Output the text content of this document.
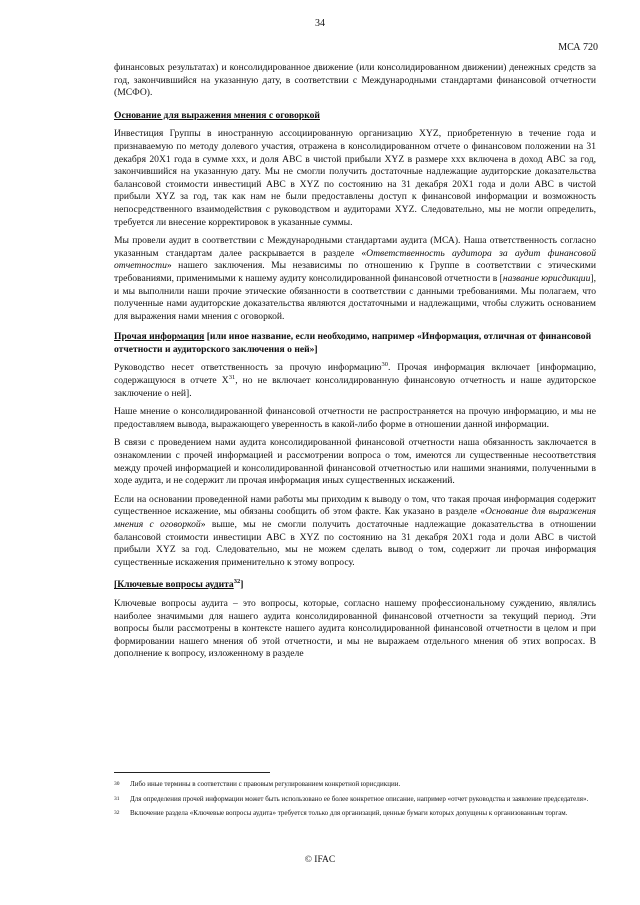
34
МСА 720

финансовых результатах) и консолидированное движение (или консолидированном движении) денежных средств за год, закончившийся на указанную дату, в соответствии с Международными стандартами финансовой отчетности (МСФО).

Основание для выражения мнения с оговоркой

Инвестиция Группы в иностранную ассоциированную организацию XYZ, приобретенную в течение года и признаваемую по методу долевого участия, отражена в консолидированном отчете о финансовом положении на 31 декабря 20X1 года в сумме ххх, и доля ABC в чистой прибыли XYZ в размере ххх включена в доход ABC за год, закончившийся на указанную дату. Мы не смогли получить достаточные надлежащие аудиторские доказательства балансовой стоимости инвестиций ABC в XYZ по состоянию на 31 декабря 20X1 года и доли ABC в чистой прибыли XYZ за год, так как нам не были предоставлены доступ к финансовой информации и возможность непосредственного взаимодействия с руководством и аудиторами XYZ. Следовательно, мы не могли определить, требуется ли внесение корректировок в указанные суммы.

Мы провели аудит в соответствии с Международными стандартами аудита (МСА). Наша ответственность согласно указанным стандартам далее раскрывается в разделе «Ответственность аудитора за аудит финансовой отчетности» нашего заключения. Мы независимы по отношению к Группе в соответствии с этическими требованиями, применимыми к нашему аудиту консолидированной финансовой отчетности в [название юрисдикции], и мы выполнили наши прочие этические обязанности в соответствии с данными требованиями. Мы полагаем, что полученные нами аудиторские доказательства являются достаточными и надлежащими, чтобы служить основанием для выражения нами мнения с оговоркой.

Прочая информация [или иное название, если необходимо, например «Информация, отличная от финансовой отчетности и аудиторского заключения о ней»]

Руководство несет ответственность за прочую информацию$^{30}$. Прочая информация включает [информацию, содержащуюся в отчете $X^{31}$, но не включает консолидированную финансовую отчетность и наше аудиторское заключение о ней].

Наше мнение о консолидированной финансовой отчетности не распространяется на прочую информацию, и мы не предоставляем вывода, выражающего уверенность в какой-либо форме в отношении данной информации.

В связи с проведением нами аудита консолидированной финансовой отчетности наша обязанность заключается в ознакомлении с прочей информацией и рассмотрении вопроса о том, имеются ли существенные несоответствия между прочей информацией и консолидированной финансовой отчетностью или нашими знаниями, полученными в ходе аудита, и не содержит ли прочая информация иных существенных искажений.

Если на основании проведенной нами работы мы приходим к выводу о том, что такая прочая информация содержит существенное искажение, мы обязаны сообщить об этом факте. Как указано в разделе «Основание для выражения мнения с оговоркой» выше, мы не смогли получить достаточные надлежащие доказательства в отношении балансовой стоимости инвестиции ABC в XYZ по состоянию на 31 декабря 20X1 года и доли ABC в чистой прибыли XYZ за год. Следовательно, мы не можем сделать вывод о том, содержит ли прочая информация существенные искажения применительно к этому вопросу.

[Ключевые вопросы аудита$^{32}$]

Ключевые вопросы аудита – это вопросы, которые, согласно нашему профессиональному суждению, являлись наиболее значимыми для нашего аудита консолидированной финансовой отчетности за текущий период. Эти вопросы были рассмотрены в контексте нашего аудита консолидированной финансовой отчетности в целом и при формировании нашего мнения об этой отчетности, и мы не выражаем отдельного мнения об этих вопросах. В дополнение к вопросу, изложенному в разделе

30	Либо иные термины в соответствии с правовым регулированием конкретной юрисдикции.
31	Для определения прочей информации может быть использовано ее более конкретное описание, например «отчет руководства и заявление председателя».
32	Включение раздела «Ключевые вопросы аудита» требуется только для организаций, ценные бумаги которых допущены к организованным торгам.
© IFAC
